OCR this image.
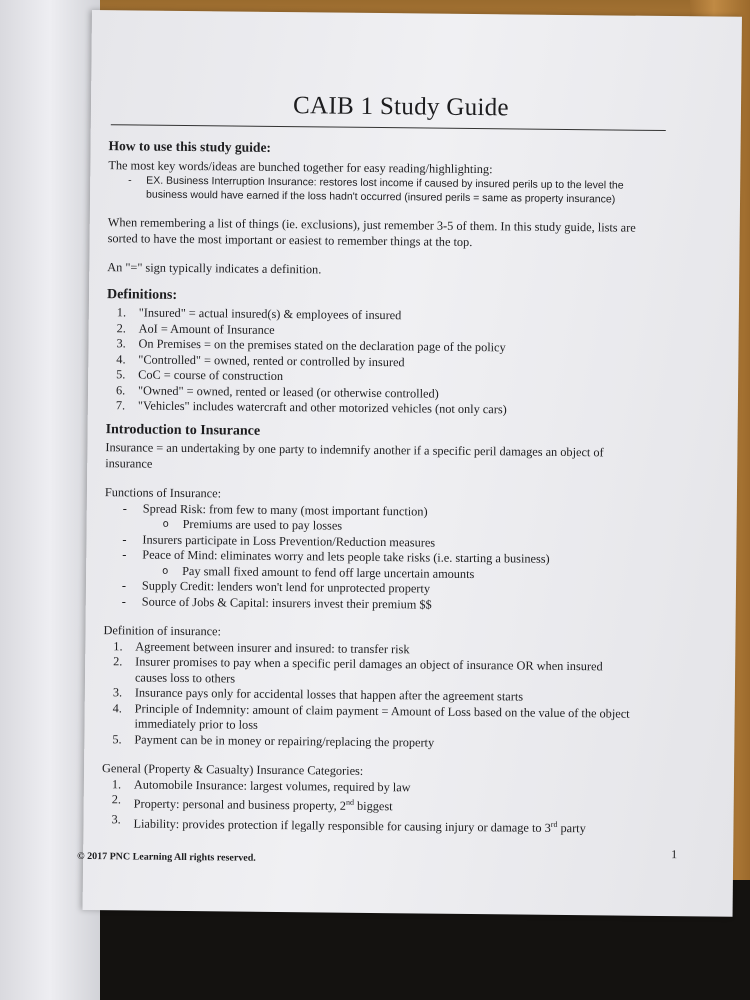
CAIB 1 Study Guide
How to use this study guide:

The most key words/ideas are bunched together for easy reading/highlighting:

- EX. Business Interruption Insurance: restores lost income if caused by insured perils up to the level the
business would have earned if the loss hadn't occurred (insured perils = same as property insurance)

When remembering a list of things (ie. exclusions), just remember 3-5 of them. In this study guide, lists are

sorted to have the most important or easiest to remember things at the top.

An "=" sign typically indicates a definition.

Definitions:
1. "Insured" = actual insured(s) & employees of insured
2. AoI = Amount of Insurance
3. On Premises = on the premises stated on the declaration page of the policy
4. "Controlled" = owned, rented or controlled by insured
5. CoC = course of construction
6. "Owned" = owned, rented or leased (or otherwise controlled)
7. "Vehicles" includes watercraft and other motorized vehicles (not only cars)
Introduction to Insurance

Insurance = an undertaking by one party to indemnify another if a specific peril damages an object of

insurance

Functions of Insurance:

- Spread Risk: from few to many (most important function)
o Premiums are used to pay losses
- Insurers participate in Loss Prevention/Reduction measures
- Peace of Mind: eliminates worry and lets people take risks (i.e. starting a business)
o Pay small fixed amount to fend off large uncertain amounts
- Supply Credit: lenders won't lend for unprotected property
- Source of Jobs & Capital: insurers invest their premium $$

Definition of insurance:

1. Agreement between insurer and insured: to transfer risk
2. Insurer promises to pay when a specific peril damages an object of insurance OR when insured
causes loss to others
3. Insurance pays only for accidental losses that happen after the agreement starts
4. Principle of Indemnity: amount of claim payment = Amount of Loss based on the value of the object
immediately prior to loss
5. Payment can be in money or repairing/replacing the property

General (Property & Casualty) Insurance Categories:

1. Automobile Insurance: largest volumes, required by law
2. Property: personal and business property, 2nd biggest
3. Liability: provides protection if legally responsible for causing injury or damage to 3rd party
© 2017 PNC Learning All rights reserved.	1
